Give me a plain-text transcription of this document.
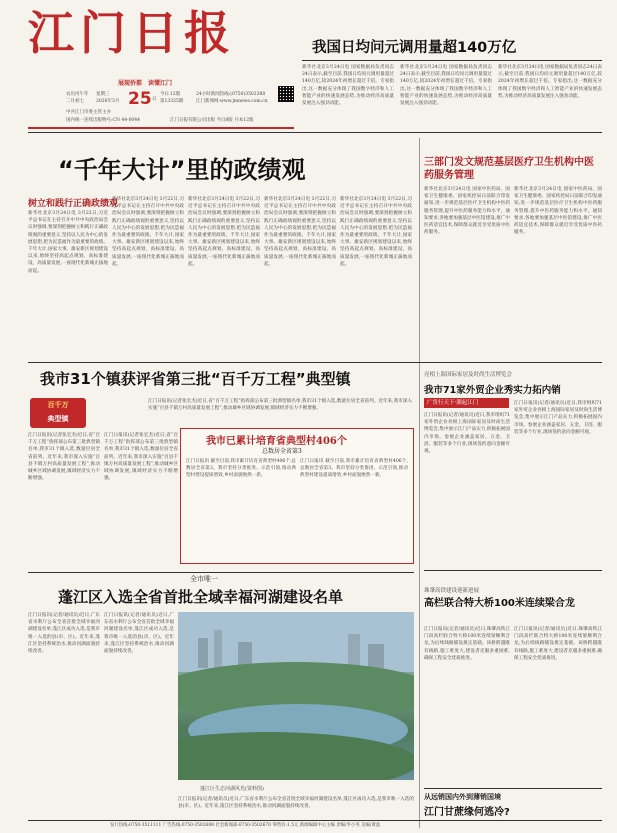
江门日报
展现侨都 读懂江门
农历丙午年
二月初七
星期三
2026年3月 25 日
今日 12版
第13325期
24小时新闻热线:(0750)3502388
江门新闻网:www.jmnews.com.cn
中共江门市委主管主办
国内统一连续出版物号:CN 44-0044	江门日报有限公司出版 今日8版 开本12版
我国日均问元调用量超140万亿
新华社北京3月24日电 国家数据局负责同志24日表示,截至目前,我国日均问元调用量超过140万亿,较2024年初增长超过千倍。专家指出,这一数据充分体现了我国数字经济和人工智能产业的快速发展态势,为推动经济高质量发展注入强劲动能。
新华社北京3月24日电 国家数据局负责同志24日表示,截至目前,我国日均问元调用量超过140万亿,较2024年初增长超过千倍。专家指出,这一数据充分体现了我国数字经济和人工智能产业的快速发展态势,为推动经济高质量发展注入强劲动能。
新华社北京3月24日电 国家数据局负责同志24日表示,截至目前,我国日均问元调用量超过140万亿,较2024年初增长超过千倍。专家指出,这一数据充分体现了我国数字经济和人工智能产业的快速发展态势,为推动经济高质量发展注入强劲动能。
“千年大计”里的政绩观
树立和践行正确政绩观
新华社北京3月24日电 3月22日,习近平总书记在主持召开中共中央政治局会议时强调,要深刻把握树立和践行正确政绩观的重要意义,坚持以人民为中心的发展思想,把为民造福作为最重要的政绩。千年大计,国家大事。雄安新区规划建设以来,始终坚持高起点规划、高标准建设、高质量发展,一座现代化新城正拔地而起。
新华社北京3月24日电 3月22日,习近平总书记在主持召开中共中央政治局会议时强调,要深刻把握树立和践行正确政绩观的重要意义,坚持以人民为中心的发展思想,把为民造福作为最重要的政绩。千年大计,国家大事。雄安新区规划建设以来,始终坚持高起点规划、高标准建设、高质量发展,一座现代化新城正拔地而起。
新华社北京3月24日电 3月22日,习近平总书记在主持召开中共中央政治局会议时强调,要深刻把握树立和践行正确政绩观的重要意义,坚持以人民为中心的发展思想,把为民造福作为最重要的政绩。千年大计,国家大事。雄安新区规划建设以来,始终坚持高起点规划、高标准建设、高质量发展,一座现代化新城正拔地而起。
新华社北京3月24日电 3月22日,习近平总书记在主持召开中共中央政治局会议时强调,要深刻把握树立和践行正确政绩观的重要意义,坚持以人民为中心的发展思想,把为民造福作为最重要的政绩。千年大计,国家大事。雄安新区规划建设以来,始终坚持高起点规划、高标准建设、高质量发展,一座现代化新城正拔地而起。
新华社北京3月24日电 3月22日,习近平总书记在主持召开中共中央政治局会议时强调,要深刻把握树立和践行正确政绩观的重要意义,坚持以人民为中心的发展思想,把为民造福作为最重要的政绩。千年大计,国家大事。雄安新区规划建设以来,始终坚持高起点规划、高标准建设、高质量发展,一座现代化新城正拔地而起。
三部门发文规范基层医疗卫生机构中医药服务管理
新华社北京3月24日电 国家中医药局、国家卫生健康委、国家疾控局日前联合印发通知,进一步规范基层医疗卫生机构中医药服务管理,提升中医药服务能力和水平。通知要求,各地要加强基层中医馆建设,推广中医药适宜技术,保障群众就近享受优质中医药服务。
新华社北京3月24日电 国家中医药局、国家卫生健康委、国家疾控局日前联合印发通知,进一步规范基层医疗卫生机构中医药服务管理,提升中医药服务能力和水平。通知要求,各地要加强基层中医馆建设,推广中医药适宜技术,保障群众就近享受优质中医药服务。
我市31个镇获评省第三批“百千万工程”典型镇
百千万
典型镇
江门日报讯(记者张宏杰)近日,省“百千万工程”指挥部公布第三批典型镇名单,我市31个镇入选,数量位居全省前列。近年来,我市深入实施“百县千镇万村高质量发展工程”,推动城乡区域协调发展,镇域经济实力不断增强。
江门日报讯(记者张宏杰)近日,省“百千万工程”指挥部公布第三批典型镇名单,我市31个镇入选,数量位居全省前列。近年来,我市深入实施“百县千镇万村高质量发展工程”,推动城乡区域协调发展,镇域经济实力不断增强。
江门日报讯(记者张宏杰)近日,省“百千万工程”指挥部公布第三批典型镇名单,我市31个镇入选,数量位居全省前列。近年来,我市深入实施“百县千镇万村高质量发展工程”,推动城乡区域协调发展,镇域经济实力不断增强。
我市已累计培育省典型村406个
总数居全省第3
江门日报讯 截至目前,我市累计培育省典型村406个,总数居全省第3。我市坚持分类推进、示范引领,推动典型村建设提质增效,乡村面貌焕然一新。
江门日报讯 截至目前,我市累计培育省典型村406个,总数居全省第3。我市坚持分类推进、示范引领,推动典型村建设提质增效,乡村面貌焕然一新。
亮相上海国际家居及时尚生活博览会
我市71家外贸企业秀实力拓内销
广货行天下·潮起江门
江门日报讯(记者/通讯员)近日,我市组织71家外贸企业亮相上海国际家居及时尚生活博览会,集中展示江门产品实力,积极拓展国内市场。参展企业涵盖家居、五金、卫浴、服装等多个行业,现场签约意向金额可观。
江门日报讯(记者/通讯员)近日,我市组织71家外贸企业亮相上海国际家居及时尚生活博览会,集中展示江门产品实力,积极拓展国内市场。参展企业涵盖家居、五金、卫浴、服装等多个行业,现场签约意向金额可观。
珠肇高铁建设迎新进展
高栏联合特大桥100米连续梁合龙
江门日报讯(记者/通讯员)近日,珠肇高铁江门段高栏联合特大桥100米连续梁顺利合龙,为后续线路铺设奠定基础。该桥跨越既有线路,施工难度大,建设者克服多重困难,确保工程安全优质推进。
江门日报讯(记者/通讯员)近日,珠肇高铁江门段高栏联合特大桥100米连续梁顺利合龙,为后续线路铺设奠定基础。该桥跨越既有线路,施工难度大,建设者克服多重困难,确保工程安全优质推进。
全市唯一
蓬江区入选全省首批全域幸福河湖建设名单
江门日报讯(记者/通讯员)近日,广东省水利厅公布全省首批全域幸福河湖建设名单,蓬江区成功入选,是我市唯一入选的县(市、区)。近年来,蓬江区坚持系统治水,推动河湖面貌持续改善。
江门日报讯(记者/通讯员)近日,广东省水利厅公布全省首批全域幸福河湖建设名单,蓬江区成功入选,是我市唯一入选的县(市、区)。近年来,蓬江区坚持系统治水,推动河湖面貌持续改善。
蓬江区生态河湖风光(资料图)
江门日报讯(记者/通讯员)近日,广东省水利厅公布全省首批全域幸福河湖建设名单,蓬江区成功入选,是我市唯一入选的县(市、区)。近年来,蓬江区坚持系统治水,推动河湖面貌持续改善。
从远销国内外到薄销国境
江门甘蔗缘何逃冷?
发行热线:0750-3511111 广告热线:0750-3502688 社会新闻部:0750-3502670 零售价:1.5元 新闻编辑中心主编 责编/李小英 美编/黄盈
